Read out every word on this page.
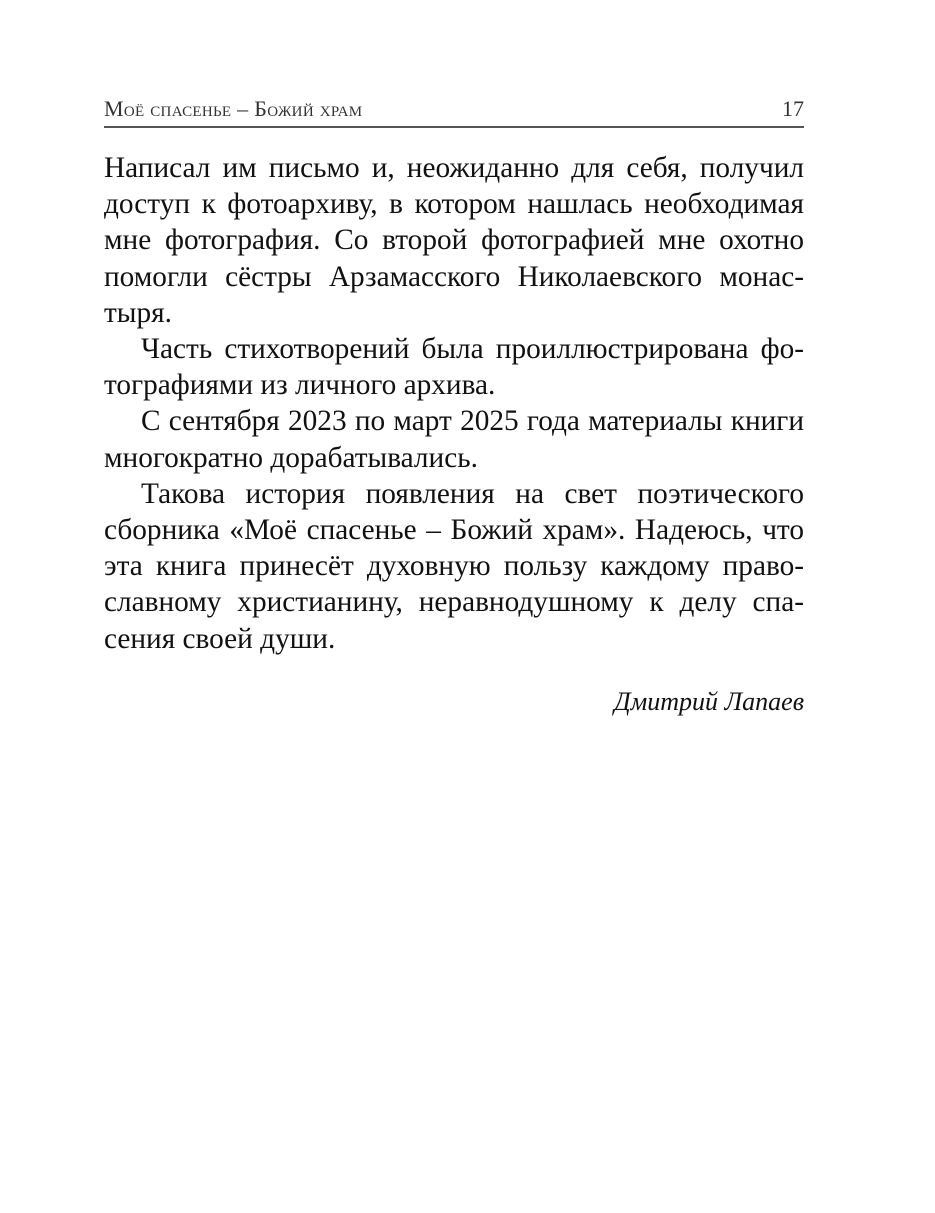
Моё спасенье – Божий храм	17

Написал им письмо и, неожиданно для себя, получил доступ к фотоархиву, в котором нашлась необходимая мне фотография. Со второй фотографией мне охотно помогли сёстры Арзамасского Николаевского монастыря.

Часть стихотворений была проиллюстрирована фотографиями из личного архива.

С сентября 2023 по март 2025 года материалы книги многократно дорабатывались.

Такова история появления на свет поэтического сборника «Моё спасенье – Божий храм». Надеюсь, что эта книга принесёт духовную пользу каждому православному христианину, неравнодушному к делу спасения своей души.

Дмитрий Лапаев
